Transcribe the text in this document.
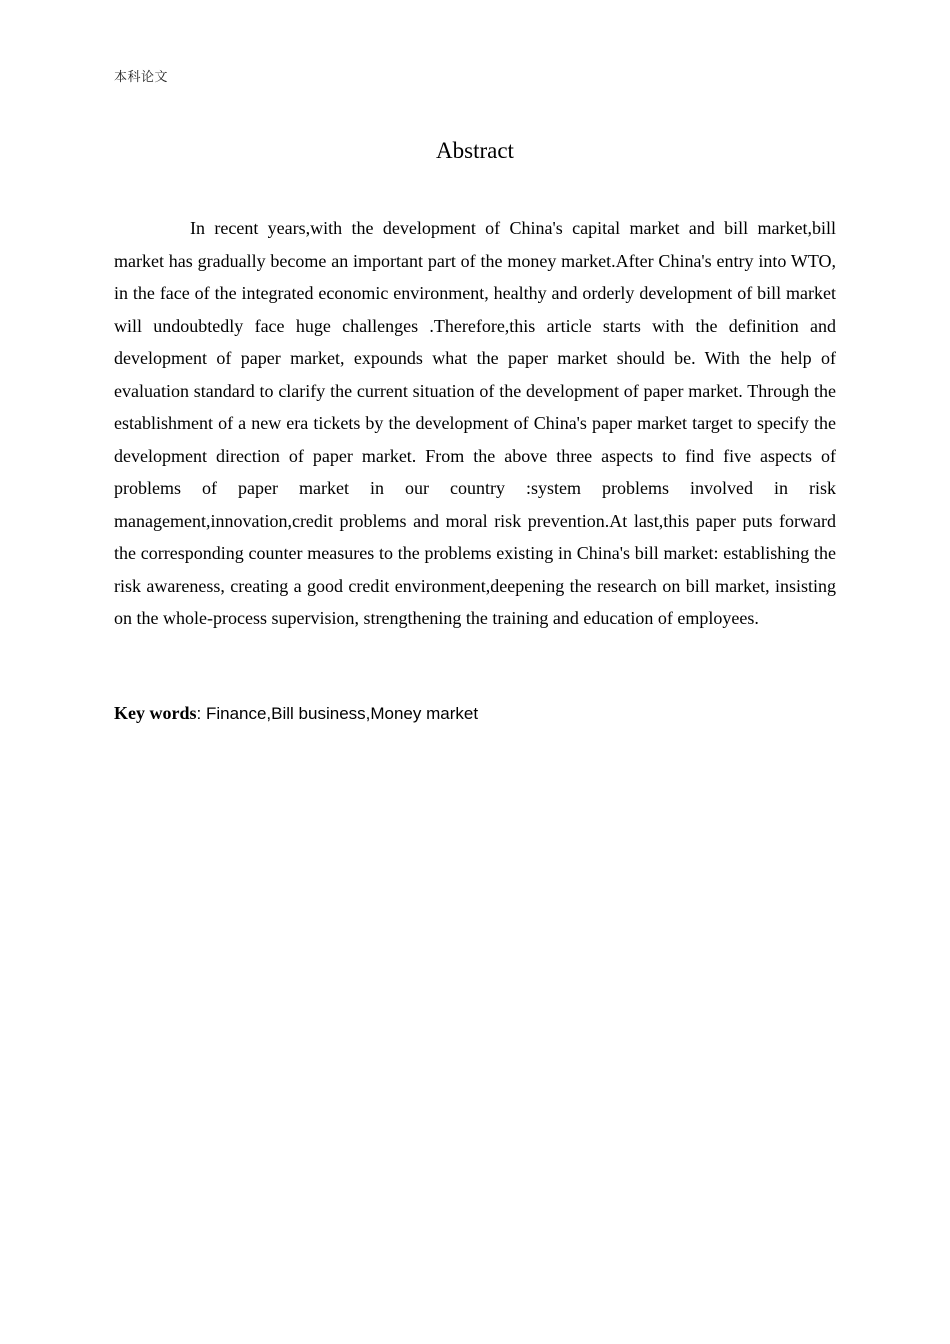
本科论文
Abstract

In recent years,with the development of China's capital market and bill market,bill market has gradually become an important part of the money market.After China's entry into WTO, in the face of the integrated economic environment, healthy and orderly development of bill market will undoubtedly face huge challenges .Therefore,this article starts with the definition and development of paper market, expounds what the paper market should be. With the help of evaluation standard to clarify the current situation of the development of paper market. Through the establishment of a new era tickets by the development of China's paper market target to specify the development direction of paper market. From the above three aspects to find five aspects of problems of paper market in our country :system problems involved in risk management,innovation,credit problems and moral risk prevention.At last,this paper puts forward the corresponding counter measures to the problems existing in China's bill market: establishing the risk awareness, creating a good credit environment,deepening the research on bill market, insisting on the whole-process supervision, strengthening the training and education of employees.

Key words: Finance,Bill business,Money market
